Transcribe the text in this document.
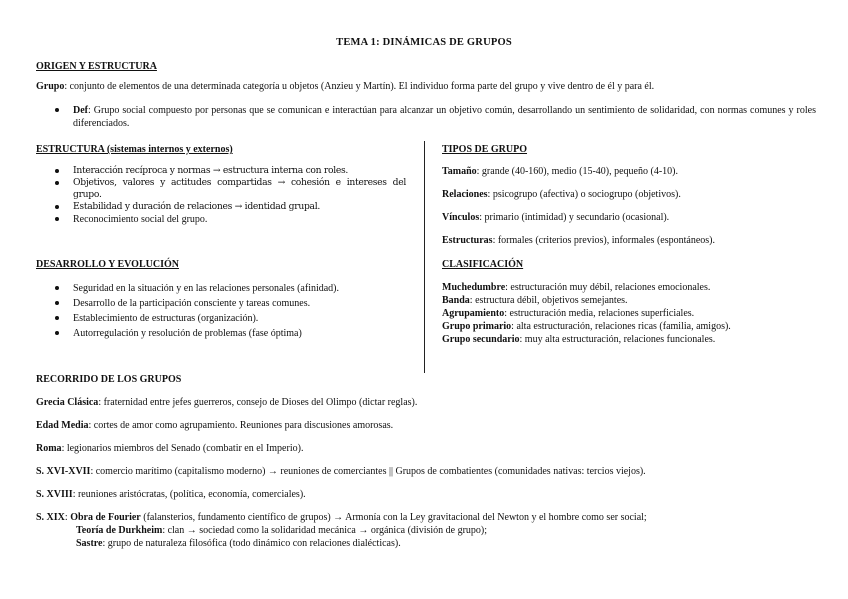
TEMA 1: DINÁMICAS DE GRUPOS
ORIGEN Y ESTRUCTURA

Grupo: conjunto de elementos de una determinada categoría u objetos (Anzieu y Martín). El individuo forma parte del grupo y vive dentro de él y para él.

Def: Grupo social compuesto por personas que se comunican e interactúan para alcanzar un objetivo común, desarrollando un sentimiento de solidaridad, con normas comunes y roles diferenciados.
ESTRUCTURA (sistemas internos y externos)
Interacción recíproca y normas → estructura interna con roles.
Objetivos, valores y actitudes compartidas → cohesión e intereses del grupo.
Estabilidad y duración de relaciones → identidad grupal.
Reconocimiento social del grupo.
DESARROLLO Y EVOLUCIÓN
Seguridad en la situación y en las relaciones personales (afinidad).
Desarrollo de la participación consciente y tareas comunes.
Establecimiento de estructuras (organización).
Autorregulación y resolución de problemas (fase óptima)
TIPOS DE GRUPO

Tamaño: grande (40-160), medio (15-40), pequeño (4-10).

Relaciones: psicogrupo (afectiva) o sociogrupo (objetivos).

Vínculos: primario (intimidad) y secundario (ocasional).

Estructuras: formales (criterios previos), informales (espontáneos).

CLASIFICACIÓN

Muchedumbre: estructuración muy débil, relaciones emocionales.

Banda: estructura débil, objetivos semejantes.

Agrupamiento: estructuración media, relaciones superficiales.

Grupo primario: alta estructuración, relaciones ricas (familia, amigos).

Grupo secundario: muy alta estructuración, relaciones funcionales.

RECORRIDO DE LOS GRUPOS

Grecia Clásica: fraternidad entre jefes guerreros, consejo de Dioses del Olimpo (dictar reglas).

Edad Media: cortes de amor como agrupamiento. Reuniones para discusiones amorosas.

Roma: legionarios miembros del Senado (combatir en el Imperio).

S. XVI-XVII: comercio marítimo (capitalismo moderno) → reuniones de comerciantes || Grupos de combatientes (comunidades nativas: tercios viejos).

S. XVIII: reuniones aristócratas, (política, economía, comerciales).

S. XIX: Obra de Fourier (falansterios, fundamento científico de grupos) → Armonía con la Ley gravitacional del Newton y el hombre como ser social;

Teoría de Durkheim: clan → sociedad como la solidaridad mecánica → orgánica (división de grupo);

Sastre: grupo de naturaleza filosófica (todo dinámico con relaciones dialécticas).
